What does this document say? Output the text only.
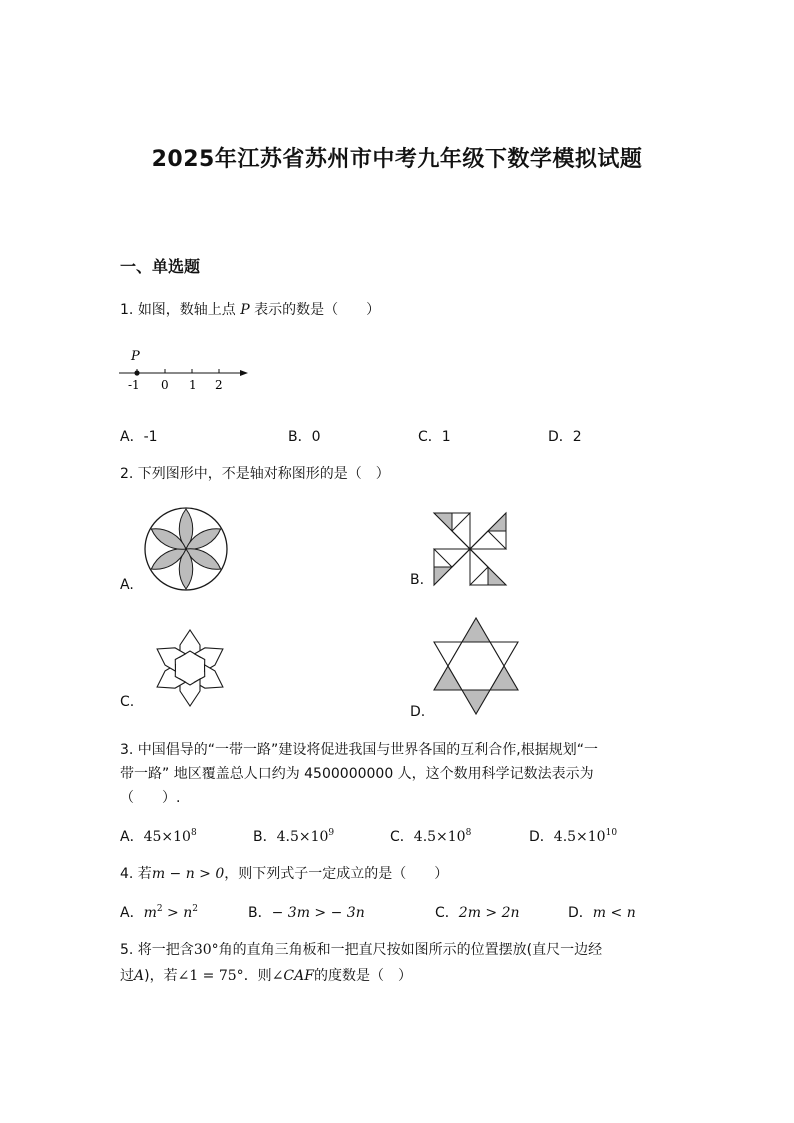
2025年江苏省苏州市中考九年级下数学模拟试题
一、单选题
1. 如图，数轴上点 P 表示的数是（　　）
P
-1 0 1 2
A．-1	B．0	C．1	D．2
2. 下列图形中，不是轴对称图形的是（　）
A.	B.
C.
D.
3. 中国倡导的“一带一路”建设将促进我国与世界各国的互利合作,根据规划“一
带一路” 地区覆盖总人口约为 4500000000 人，这个数用科学记数法表示为
（　　）.
A．$45\times 10^8$	B．$4.5\times 10^9$	C．$4.5\times 10^8$	D．$4.5\times 10^{10}$
4. 若m − n > 0，则下列式子一定成立的是（　　）
A．$m^2 > n^2$	B．− 3m > − 3n	C．2m > 2n	D．m < n
5. 将一把含30°角的直角三角板和一把直尺按如图所示的位置摆放(直尺一边经
过A)，若∠1 = 75°．则∠CAF的度数是（　）
